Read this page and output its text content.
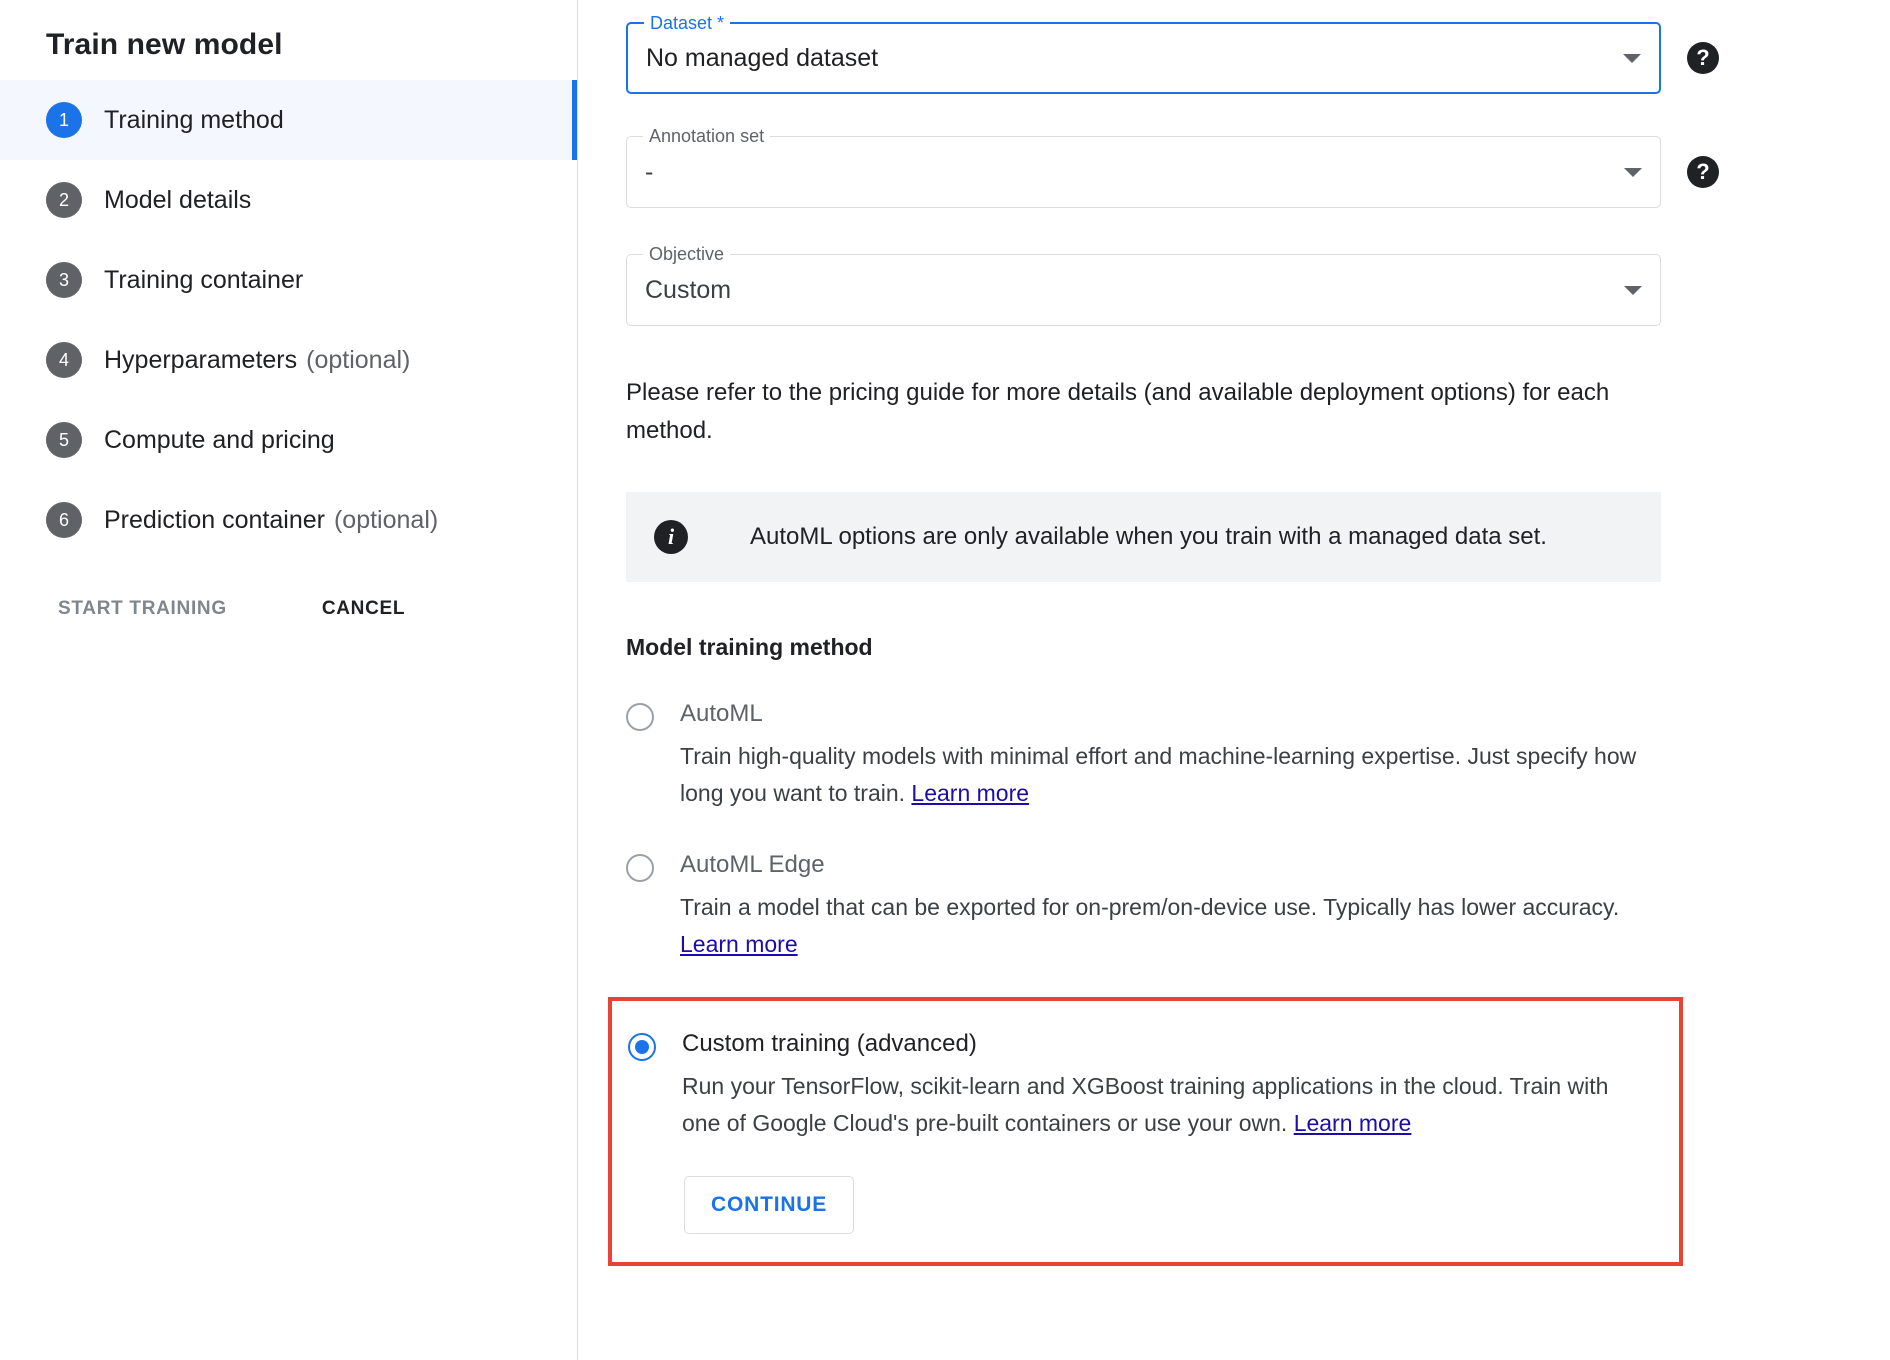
Train new model
1	Training method
2	Model details
3	Training container
4	Hyperparameters (optional)
5	Compute and pricing
6	Prediction container (optional)
START TRAINING	CANCEL
Dataset *
No managed dataset	?
Annotation set
-	?
Objective
Custom
Please refer to the pricing guide for more details (and available deployment options) for each method.
i	AutoML options are only available when you train with a managed data set.
Model training method
AutoML
Train high-quality models with minimal effort and machine-learning expertise. Just specify how long you want to train. Learn more
AutoML Edge
Train a model that can be exported for on-prem/on-device use. Typically has lower accuracy. Learn more
Custom training (advanced)
Run your TensorFlow, scikit-learn and XGBoost training applications in the cloud. Train with one of Google Cloud's pre-built containers or use your own. Learn more
CONTINUE
